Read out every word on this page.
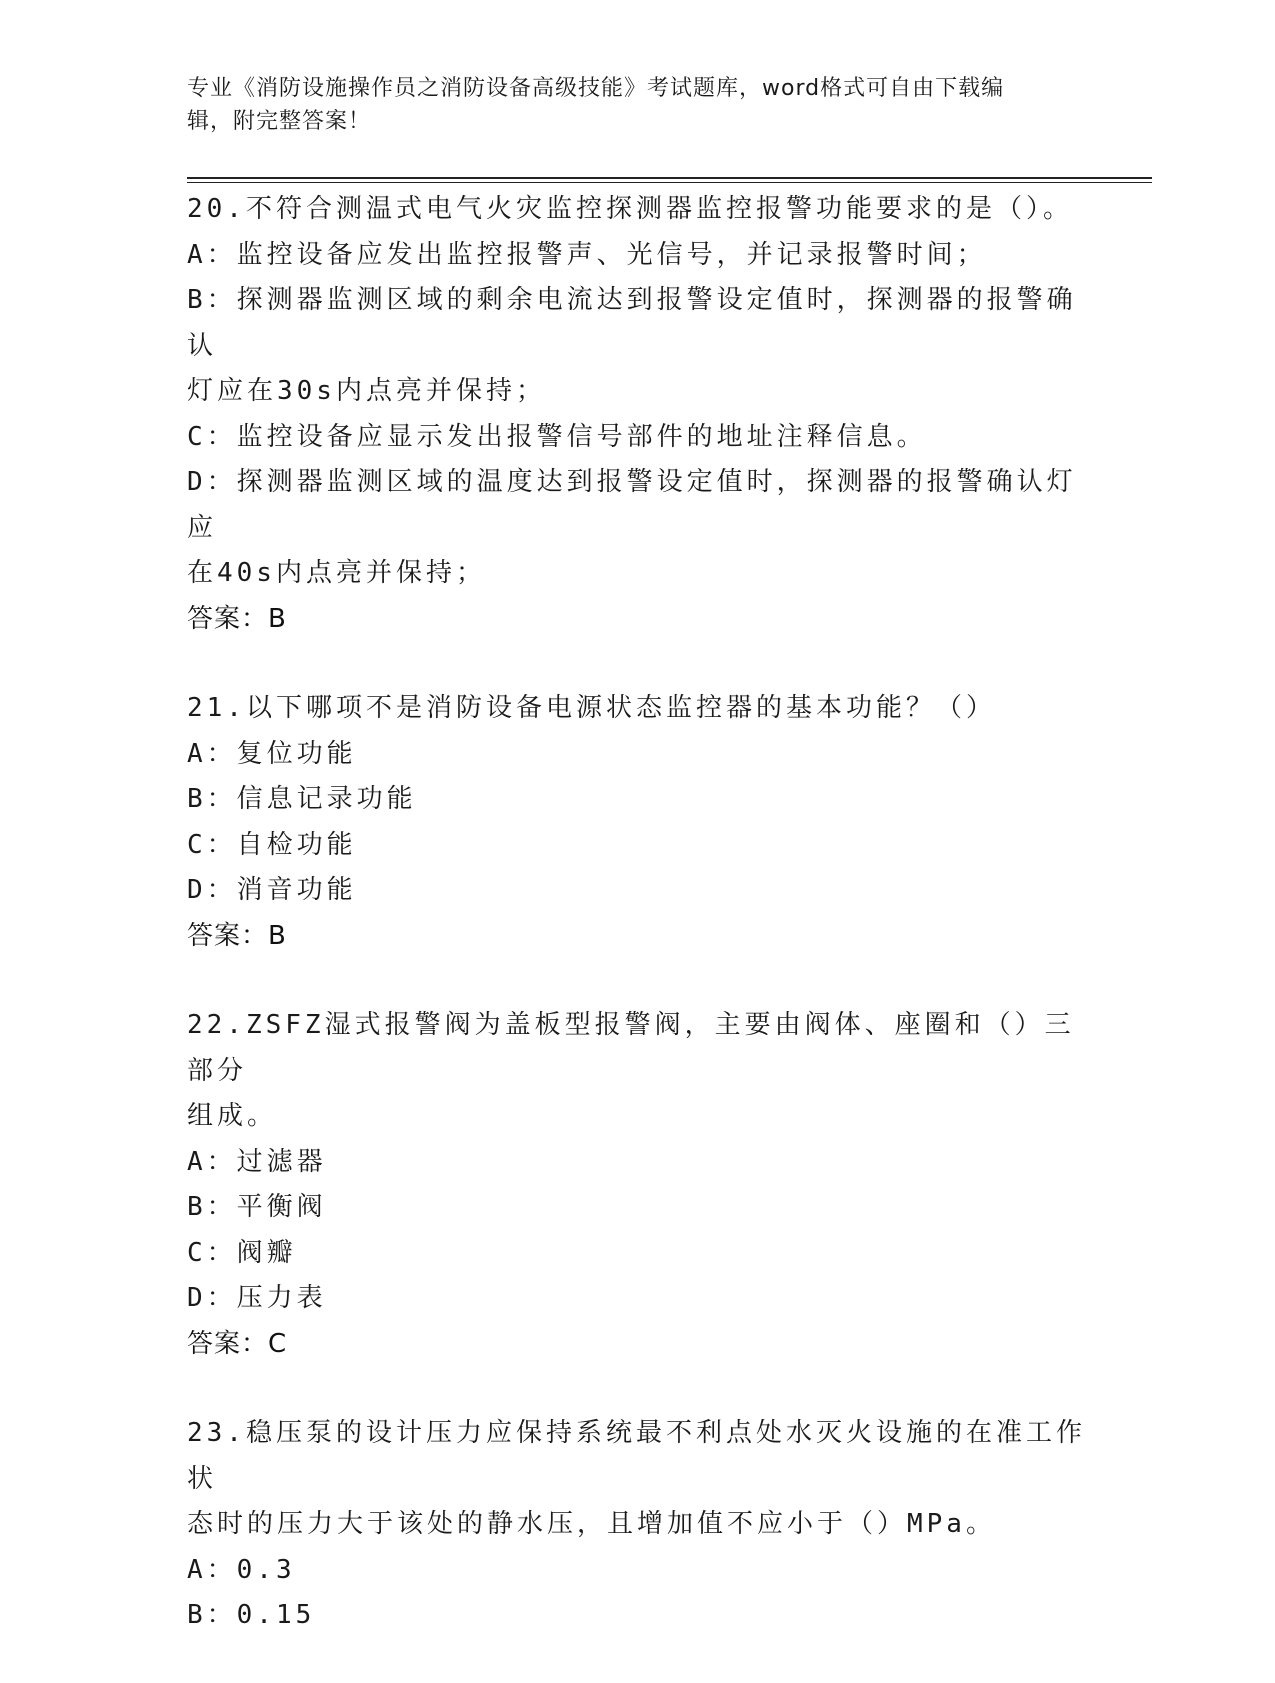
专业《消防设施操作员之消防设备高级技能》考试题库，word格式可自由下载编
辑，附完整答案！
20.不符合测温式电气火灾监控探测器监控报警功能要求的是（）。
A：监控设备应发出监控报警声、光信号，并记录报警时间；
B：探测器监测区域的剩余电流达到报警设定值时，探测器的报警确认
灯应在30s内点亮并保持；
C：监控设备应显示发出报警信号部件的地址注释信息。
D：探测器监测区域的温度达到报警设定值时，探测器的报警确认灯应
在40s内点亮并保持；
答案：B
21.以下哪项不是消防设备电源状态监控器的基本功能？（）
A：复位功能
B：信息记录功能
C：自检功能
D：消音功能
答案：B
22.ZSFZ湿式报警阀为盖板型报警阀，主要由阀体、座圈和（）三部分
组成。
A：过滤器
B：平衡阀
C：阀瓣
D：压力表
答案：C
23.稳压泵的设计压力应保持系统最不利点处水灭火设施的在准工作状
态时的压力大于该处的静水压，且增加值不应小于（）MPa。
A：0.3
B：0.15
